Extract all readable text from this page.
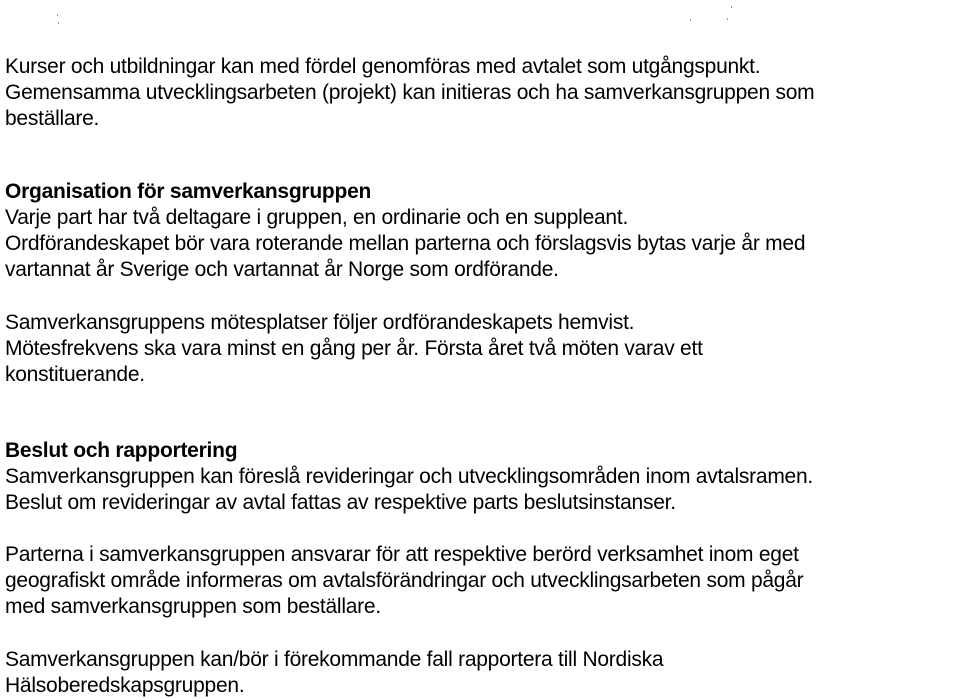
Kurser och utbildningar kan med fördel genomföras med avtalet som utgångspunkt.

Gemensamma utvecklingsarbeten (projekt) kan initieras och ha samverkansgruppen som

beställare.

Organisation för samverkansgruppen

Varje part har två deltagare i gruppen, en ordinarie och en suppleant.

Ordförandeskapet bör vara roterande mellan parterna och förslagsvis bytas varje år med

vartannat år Sverige och vartannat år Norge som ordförande.

Samverkansgruppens mötesplatser följer ordförandeskapets hemvist.

Mötesfrekvens ska vara minst en gång per år. Första året två möten varav ett

konstituerande.

Beslut och rapportering

Samverkansgruppen kan föreslå revideringar och utvecklingsområden inom avtalsramen.

Beslut om revideringar av avtal fattas av respektive parts beslutsinstanser.

Parterna i samverkansgruppen ansvarar för att respektive berörd verksamhet inom eget

geografiskt område informeras om avtalsförändringar och utvecklingsarbeten som pågår

med samverkansgruppen som beställare.

Samverkansgruppen kan/bör i förekommande fall rapportera till Nordiska

Hälsoberedskapsgruppen.
